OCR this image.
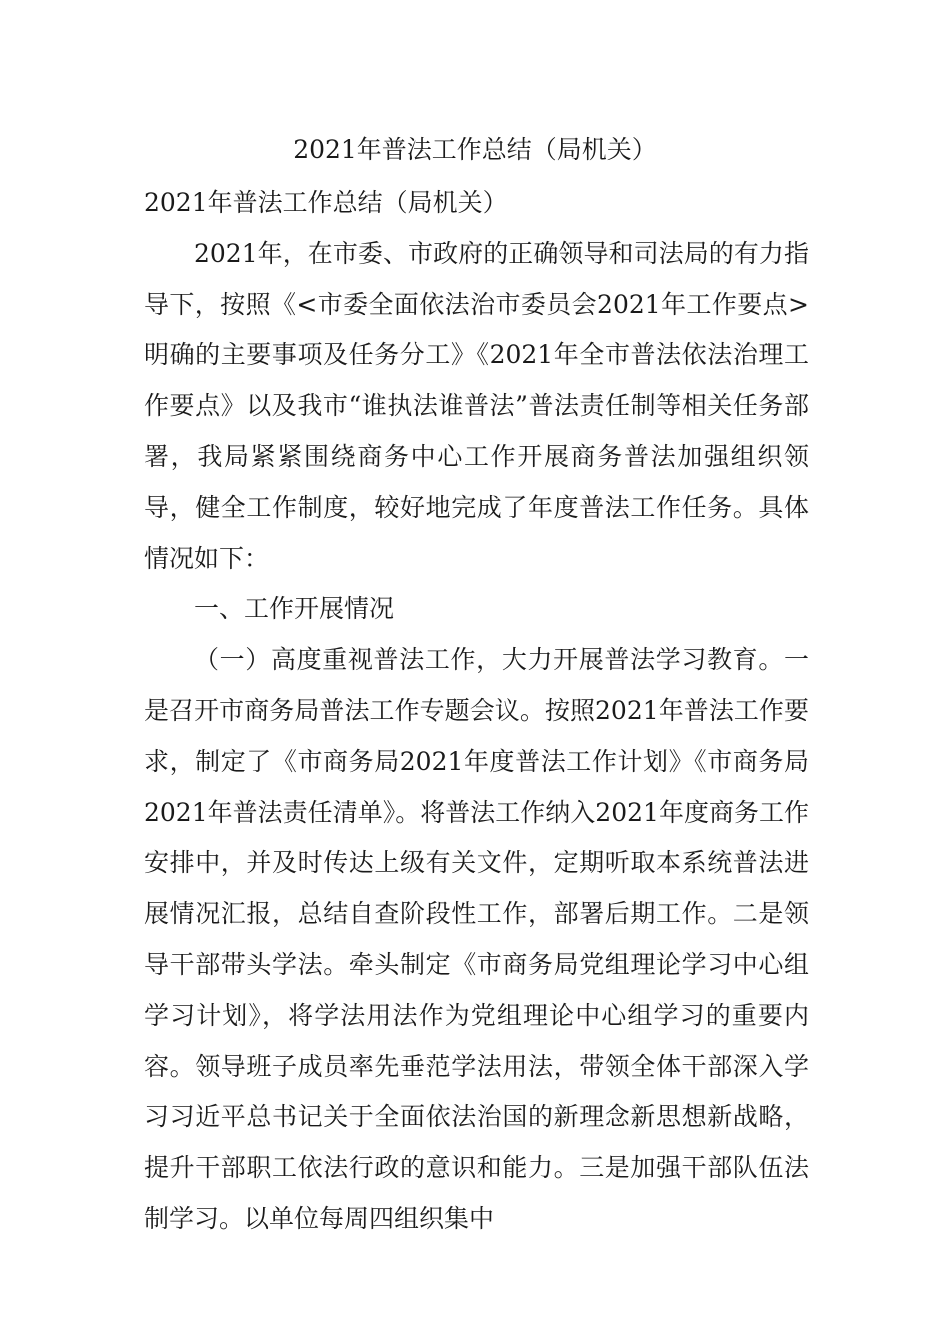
2021年普法工作总结（局机关）

2021年普法工作总结（局机关）

2021年，在市委、市政府的正确领导和司法局的有力指导下，按照《<市委全面依法治市委员会2021年工作要点>明确的主要事项及任务分工》《2021年全市普法依法治理工作要点》以及我市“谁执法谁普法”普法责任制等相关任务部署，我局紧紧围绕商务中心工作开展商务普法加强组织领导，健全工作制度，较好地完成了年度普法工作任务。具体情况如下：

一、工作开展情况

（一）高度重视普法工作，大力开展普法学习教育。一是召开市商务局普法工作专题会议。按照2021年普法工作要求，制定了《市商务局2021年度普法工作计划》《市商务局2021年普法责任清单》。将普法工作纳入2021年度商务工作安排中，并及时传达上级有关文件，定期听取本系统普法进展情况汇报，总结自查阶段性工作，部署后期工作。二是领导干部带头学法。牵头制定《市商务局党组理论学习中心组学习计划》，将学法用法作为党组理论中心组学习的重要内容。领导班子成员率先垂范学法用法，带领全体干部深入学习习近平总书记关于全面依法治国的新理念新思想新战略，提升干部职工依法行政的意识和能力。三是加强干部队伍法制学习。以单位每周四组织集中
